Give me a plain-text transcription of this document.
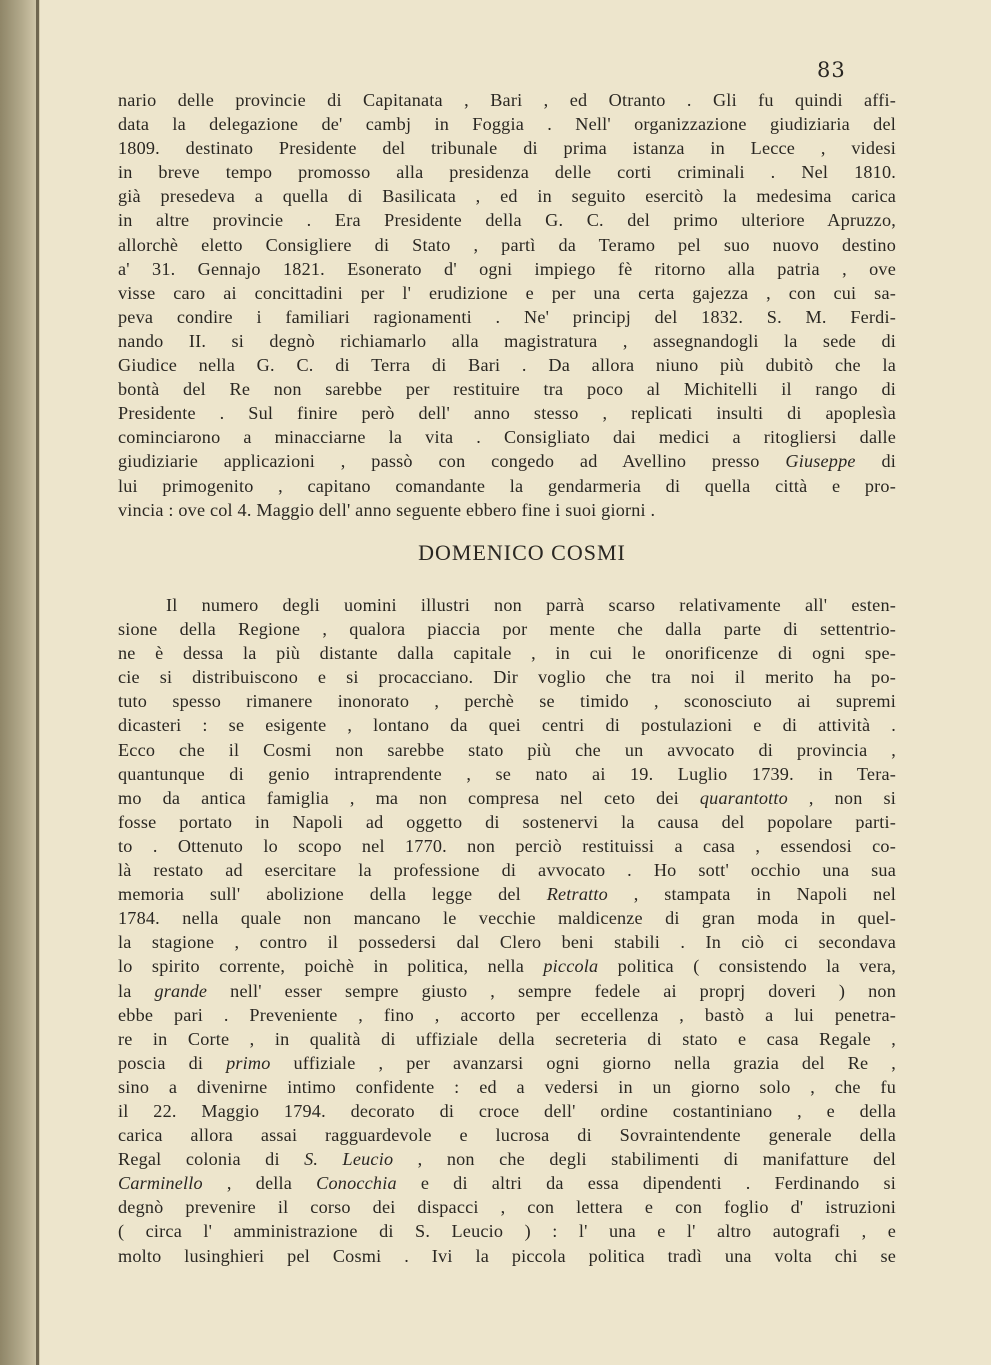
83
nario delle provincie di Capitanata , Bari , ed Otranto . Gli fu quindi affi-
data la delegazione de' cambj in Foggia . Nell' organizzazione giudiziaria del
1809. destinato Presidente del tribunale di prima istanza in Lecce , videsi
in breve tempo promosso alla presidenza delle corti criminali . Nel 1810.
già presedeva a quella di Basilicata , ed in seguito esercitò la medesima carica
in altre provincie . Era Presidente della G. C. del primo ulteriore Apruzzo,
allorchè eletto Consigliere di Stato , partì da Teramo pel suo nuovo destino
a' 31. Gennajo 1821. Esonerato d' ogni impiego fè ritorno alla patria , ove
visse caro ai concittadini per l' erudizione e per una certa gajezza , con cui sa-
peva condire i familiari ragionamenti . Ne' principj del 1832. S. M. Ferdi-
nando II. si degnò richiamarlo alla magistratura , assegnandogli la sede di
Giudice nella G. C. di Terra di Bari . Da allora niuno più dubitò che la
bontà del Re non sarebbe per restituire tra poco al Michitelli il rango di
Presidente . Sul finire però dell' anno stesso , replicati insulti di apoplesìa
cominciarono a minacciarne la vita . Consigliato dai medici a ritogliersi dalle
giudiziarie applicazioni , passò con congedo ad Avellino presso Giuseppe di
lui primogenito , capitano comandante la gendarmeria di quella città e pro-
vincia : ove col 4. Maggio dell' anno seguente ebbero fine i suoi giorni .
DOMENICO COSMI
Il numero degli uomini illustri non parrà scarso relativamente all' esten-
sione della Regione , qualora piaccia por mente che dalla parte di settentrio-
ne è dessa la più distante dalla capitale , in cui le onorificenze di ogni spe-
cie si distribuiscono e si procacciano. Dir voglio che tra noi il merito ha po-
tuto spesso rimanere inonorato , perchè se timido , sconosciuto ai supremi
dicasteri : se esigente , lontano da quei centri di postulazioni e di attività .
Ecco che il Cosmi non sarebbe stato più che un avvocato di provincia ,
quantunque di genio intraprendente , se nato ai 19. Luglio 1739. in Tera-
mo da antica famiglia , ma non compresa nel ceto dei quarantotto , non si
fosse portato in Napoli ad oggetto di sostenervi la causa del popolare parti-
to . Ottenuto lo scopo nel 1770. non perciò restituissi a casa , essendosi co-
là restato ad esercitare la professione di avvocato . Ho sott' occhio una sua
memoria sull' abolizione della legge del Retratto , stampata in Napoli nel
1784. nella quale non mancano le vecchie maldicenze di gran moda in quel-
la stagione , contro il possedersi dal Clero beni stabili . In ciò ci secondava
lo spirito corrente, poichè in politica, nella piccola politica ( consistendo la vera,
la grande nell' esser sempre giusto , sempre fedele ai proprj doveri ) non
ebbe pari . Preveniente , fino , accorto per eccellenza , bastò a lui penetra-
re in Corte , in qualità di uffiziale della secreteria di stato e casa Regale ,
poscia di primo uffiziale , per avanzarsi ogni giorno nella grazia del Re ,
sino a divenirne intimo confidente : ed a vedersi in un giorno solo , che fu
il 22. Maggio 1794. decorato di croce dell' ordine costantiniano , e della
carica allora assai ragguardevole e lucrosa di Sovraintendente generale della
Regal colonia di S. Leucio , non che degli stabilimenti di manifatture del
Carminello , della Conocchia e di altri da essa dipendenti . Ferdinando si
degnò prevenire il corso dei dispacci , con lettera e con foglio d' istruzioni
( circa l' amministrazione di S. Leucio ) : l' una e l' altro autografi , e
molto lusinghieri pel Cosmi . Ivi la piccola politica tradì una volta chi se
